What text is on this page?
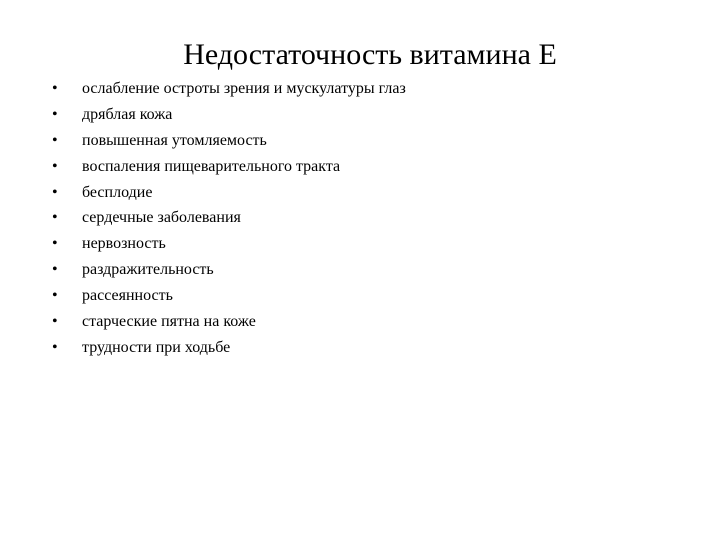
Недостаточность витамина Е
•	ослабление остроты зрения и мускулатуры глаз
•	дряблая кожа
•	повышенная утомляемость
•	воспаления пищеварительного тракта
•	бесплодие
•	сердечные заболевания
•	нервозность
•	раздражительность
•	рассеянность
•	старческие пятна на коже
•	трудности при ходьбе
